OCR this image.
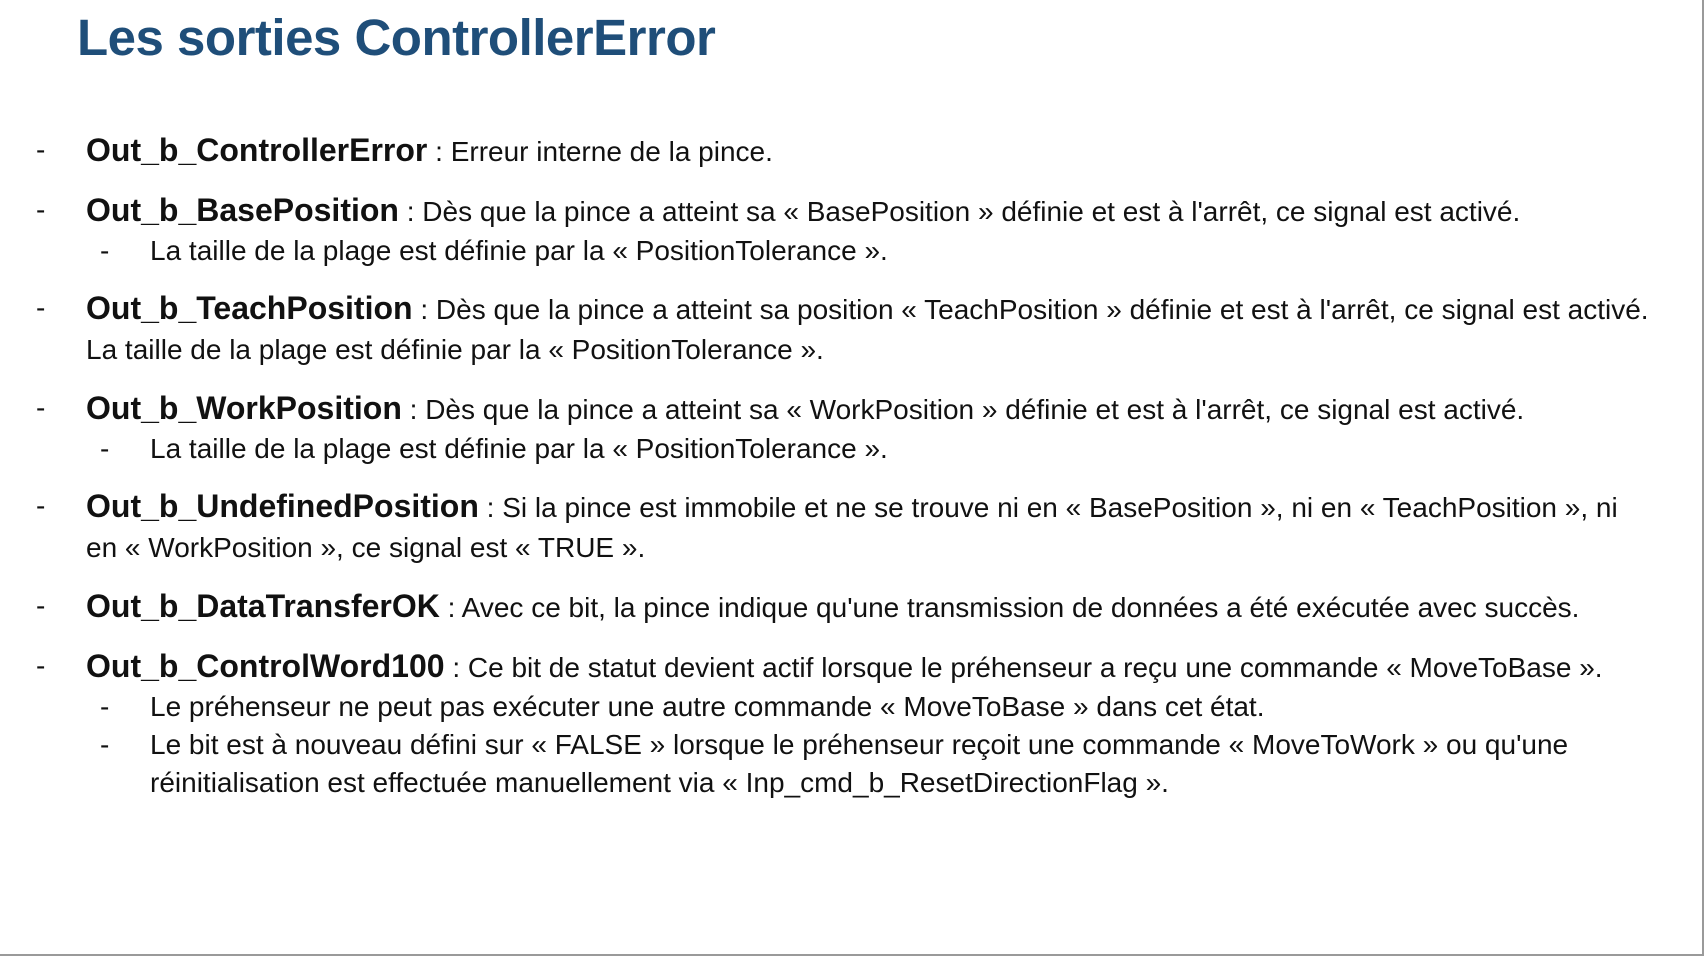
Les sorties ControllerError
-	Out_b_ControllerError : Erreur interne de la pince.
-	Out_b_BasePosition : Dès que la pince a atteint sa « BasePosition » définie et est à l'arrêt, ce signal est activé.
-	La taille de la plage est définie par la « PositionTolerance ».
-	Out_b_TeachPosition : Dès que la pince a atteint sa position « TeachPosition » définie et est à l'arrêt, ce signal est activé. La taille de la plage est définie par la « PositionTolerance ».
-	Out_b_WorkPosition : Dès que la pince a atteint sa « WorkPosition » définie et est à l'arrêt, ce signal est activé.
-	La taille de la plage est définie par la « PositionTolerance ».
-	Out_b_UndefinedPosition : Si la pince est immobile et ne se trouve ni en « BasePosition », ni en « TeachPosition », ni en « WorkPosition », ce signal est « TRUE ».
-	Out_b_DataTransferOK : Avec ce bit, la pince indique qu'une transmission de données a été exécutée avec succès.
-	Out_b_ControlWord100 : Ce bit de statut devient actif lorsque le préhenseur a reçu une commande « MoveToBase ».
-	Le préhenseur ne peut pas exécuter une autre commande « MoveToBase » dans cet état.
-	Le bit est à nouveau défini sur « FALSE » lorsque le préhenseur reçoit une commande « MoveToWork » ou qu'une réinitialisation est effectuée manuellement via « Inp_cmd_b_ResetDirectionFlag ».
